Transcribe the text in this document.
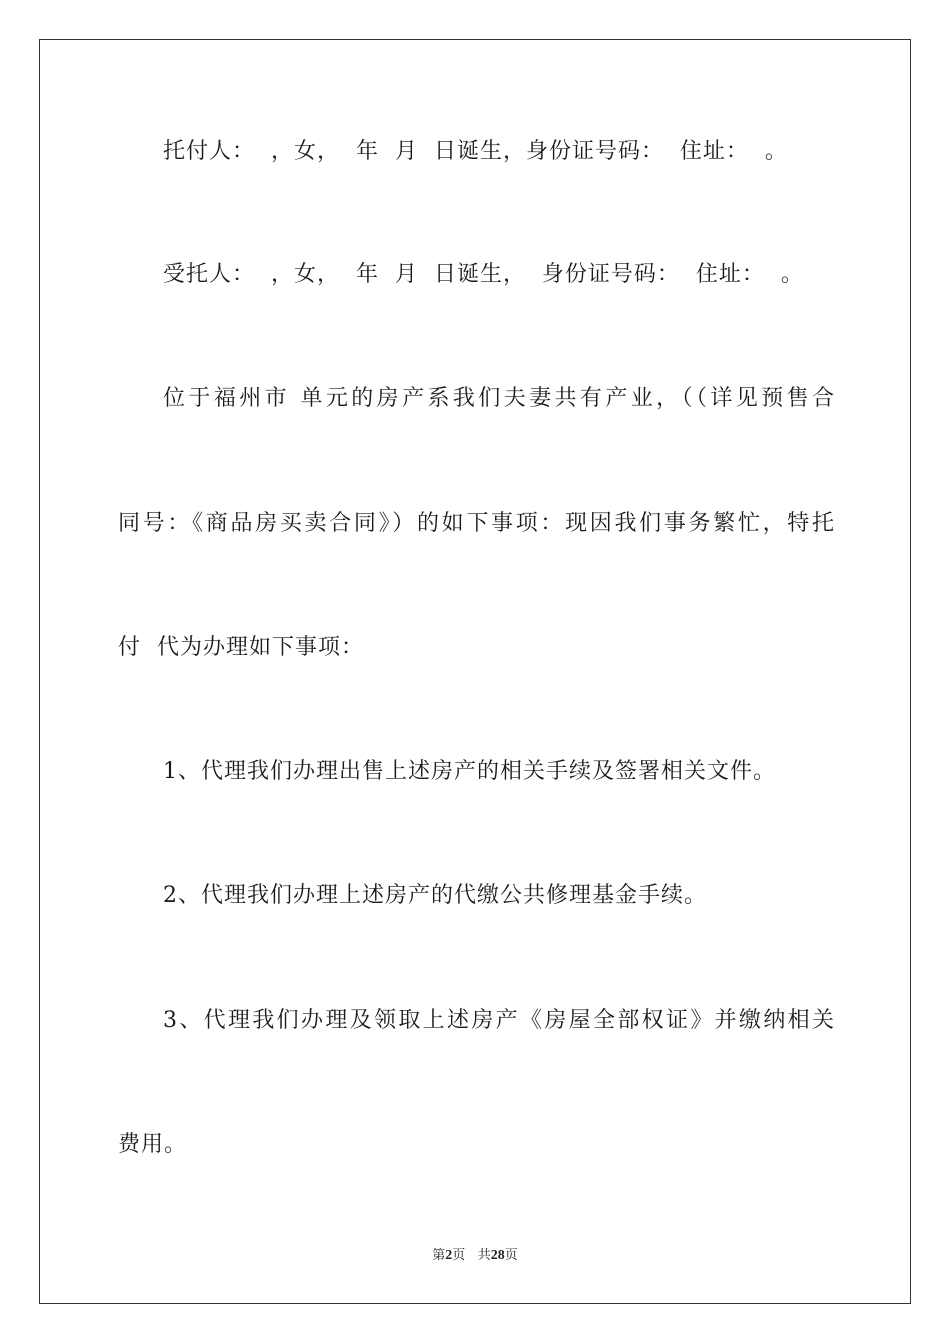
托付人：  ，女，  年  月  日诞生，身份证号码：  住址：  。
受托人：  ，女，  年  月  日诞生，  身份证号码：  住址：  。
位于福州市 单元的房产系我们夫妻共有产业，（（详见预售合
同号：《商品房买卖合同》）的如下事项：现因我们事务繁忙，特托
付  代为办理如下事项：
1、代理我们办理出售上述房产的相关手续及签署相关文件。
2、代理我们办理上述房产的代缴公共修理基金手续。
3、代理我们办理及领取上述房产《房屋全部权证》并缴纳相关
费用。
第2页 共28页
